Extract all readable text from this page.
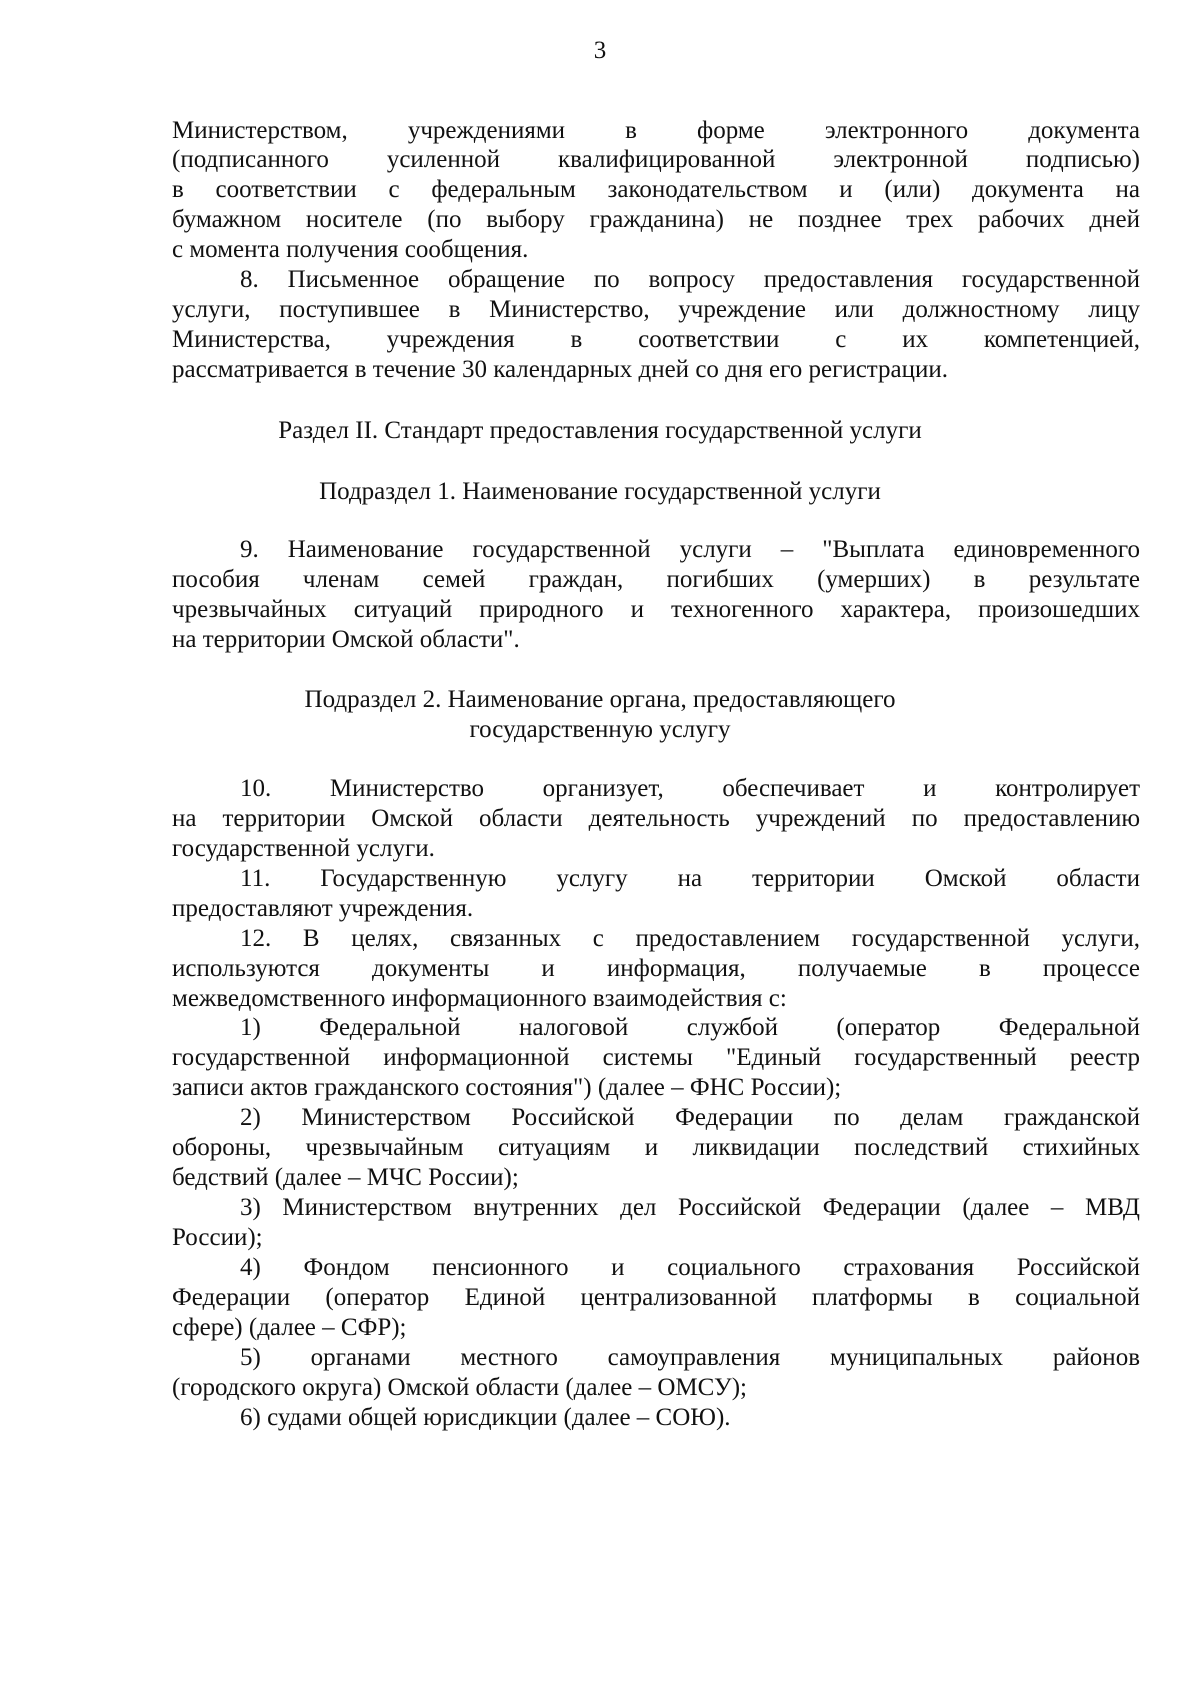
3
Министерством, учреждениями в форме электронного документа
(подписанного усиленной квалифицированной электронной подписью)
в соответствии с федеральным законодательством и (или) документа на
бумажном носителе (по выбору гражданина) не позднее трех рабочих дней
с момента получения сообщения.
8. Письменное обращение по вопросу предоставления государственной
услуги, поступившее в Министерство, учреждение или должностному лицу
Министерства, учреждения в соответствии с их компетенцией,
рассматривается в течение 30 календарных дней со дня его регистрации.
Раздел II. Стандарт предоставления государственной услуги
Подраздел 1. Наименование государственной услуги
9. Наименование государственной услуги – "Выплата единовременного
пособия членам семей граждан, погибших (умерших) в результате
чрезвычайных ситуаций природного и техногенного характера, произошедших
на территории Омской области".
Подраздел 2. Наименование органа, предоставляющего
государственную услугу
10. Министерство организует, обеспечивает и контролирует
на территории Омской области деятельность учреждений по предоставлению
государственной услуги.
11. Государственную услугу на территории Омской области
предоставляют учреждения.
12. В целях, связанных с предоставлением государственной услуги,
используются документы и информация, получаемые в процессе
межведомственного информационного взаимодействия с:
1) Федеральной налоговой службой (оператор Федеральной
государственной информационной системы "Единый государственный реестр
записи актов гражданского состояния") (далее – ФНС России);
2) Министерством Российской Федерации по делам гражданской
обороны, чрезвычайным ситуациям и ликвидации последствий стихийных
бедствий (далее – МЧС России);
3) Министерством внутренних дел Российской Федерации (далее – МВД
России);
4) Фондом пенсионного и социального страхования Российской
Федерации (оператор Единой централизованной платформы в социальной
сфере) (далее – СФР);
5) органами местного самоуправления муниципальных районов
(городского округа) Омской области (далее – ОМСУ);
6) судами общей юрисдикции (далее – СОЮ).
